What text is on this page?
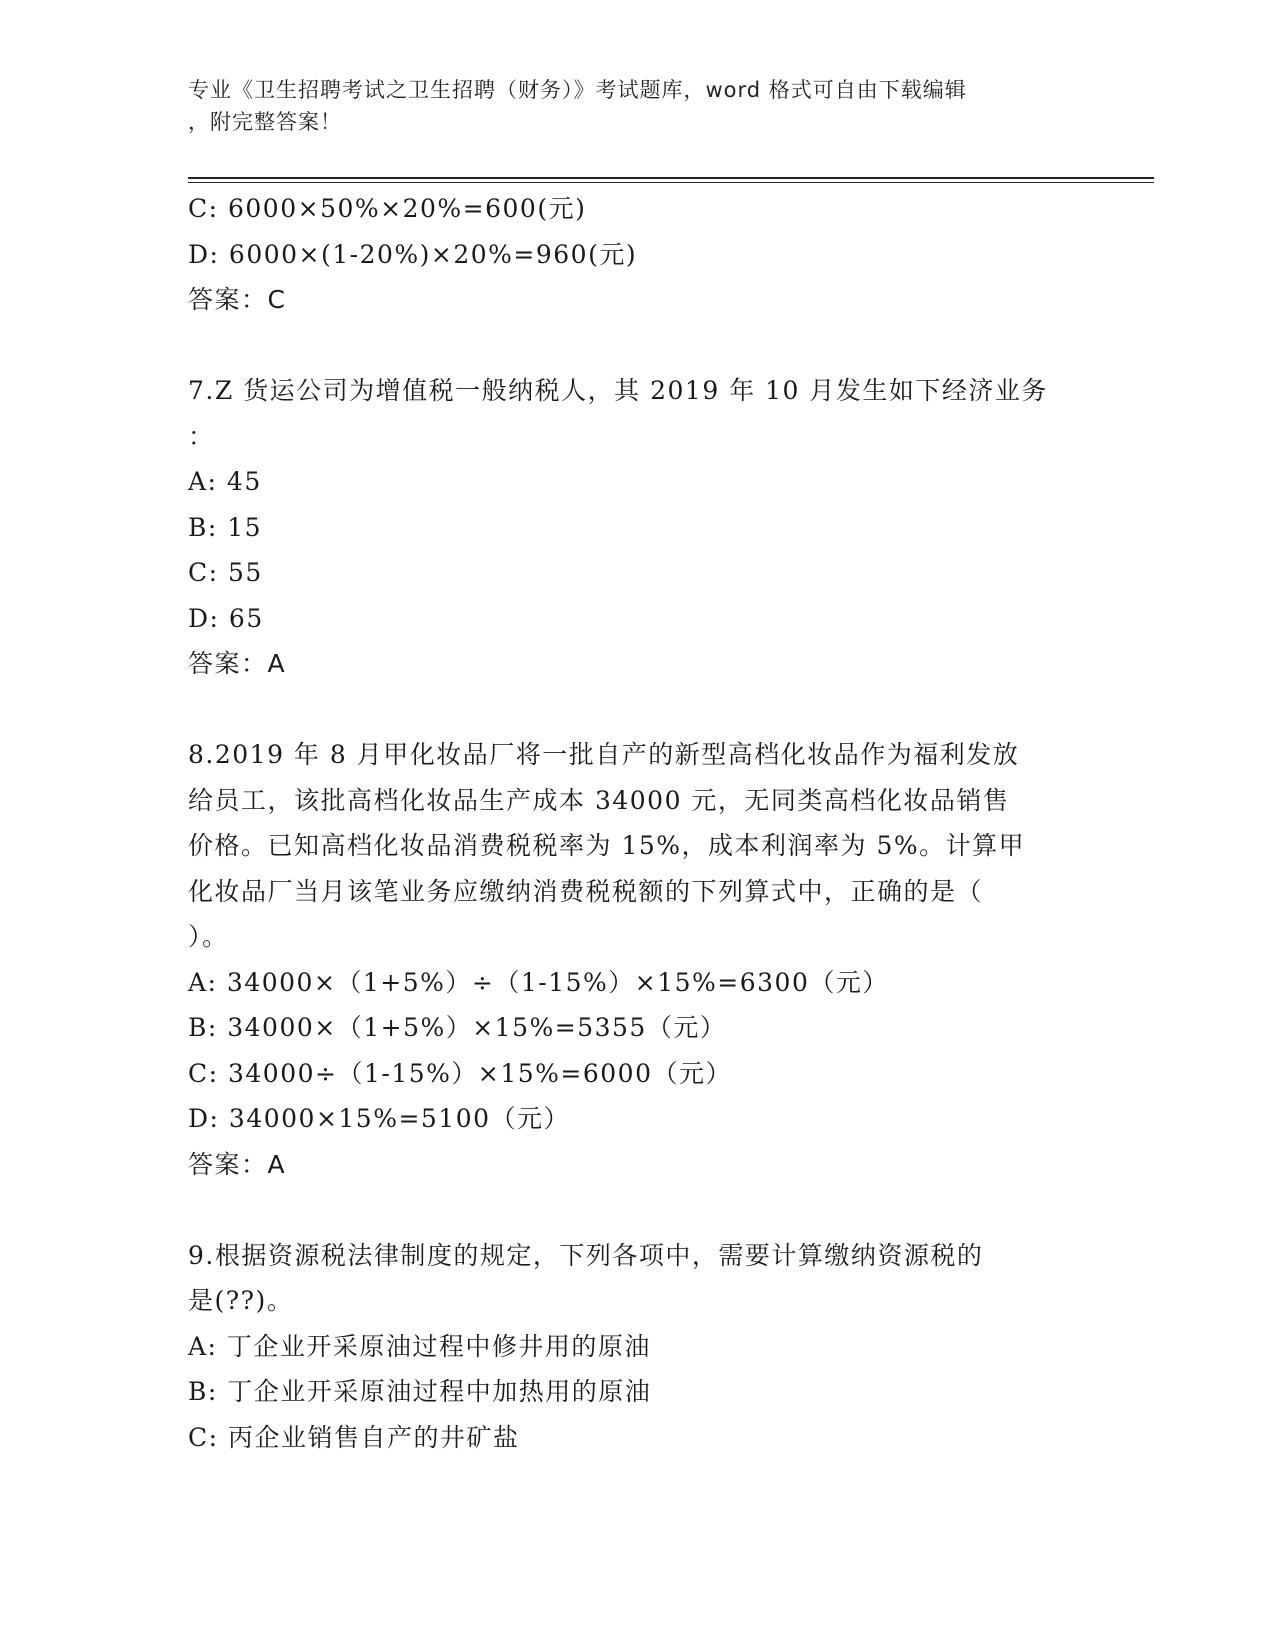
专业《卫生招聘考试之卫生招聘（财务）》考试题库，word 格式可自由下载编辑
，附完整答案！
C: 6000×50%×20%=600(元)
D: 6000×(1-20%)×20%=960(元)
答案：C
7.Z 货运公司为增值税一般纳税人，其 2019 年 10 月发生如下经济业务
：
A: 45
B: 15
C: 55
D: 65
答案：A
8.2019 年 8 月甲化妆品厂将一批自产的新型高档化妆品作为福利发放
给员工，该批高档化妆品生产成本 34000 元，无同类高档化妆品销售
价格。已知高档化妆品消费税税率为 15%，成本利润率为 5%。计算甲
化妆品厂当月该笔业务应缴纳消费税税额的下列算式中，正确的是（
）。
A: 34000×（1+5%）÷（1-15%）×15%=6300（元）
B: 34000×（1+5%）×15%=5355（元）
C: 34000÷（1-15%）×15%=6000（元）
D: 34000×15%=5100（元）
答案：A
9.根据资源税法律制度的规定，下列各项中，需要计算缴纳资源税的
是(??)。
A: 丁企业开采原油过程中修井用的原油
B: 丁企业开采原油过程中加热用的原油
C: 丙企业销售自产的井矿盐
